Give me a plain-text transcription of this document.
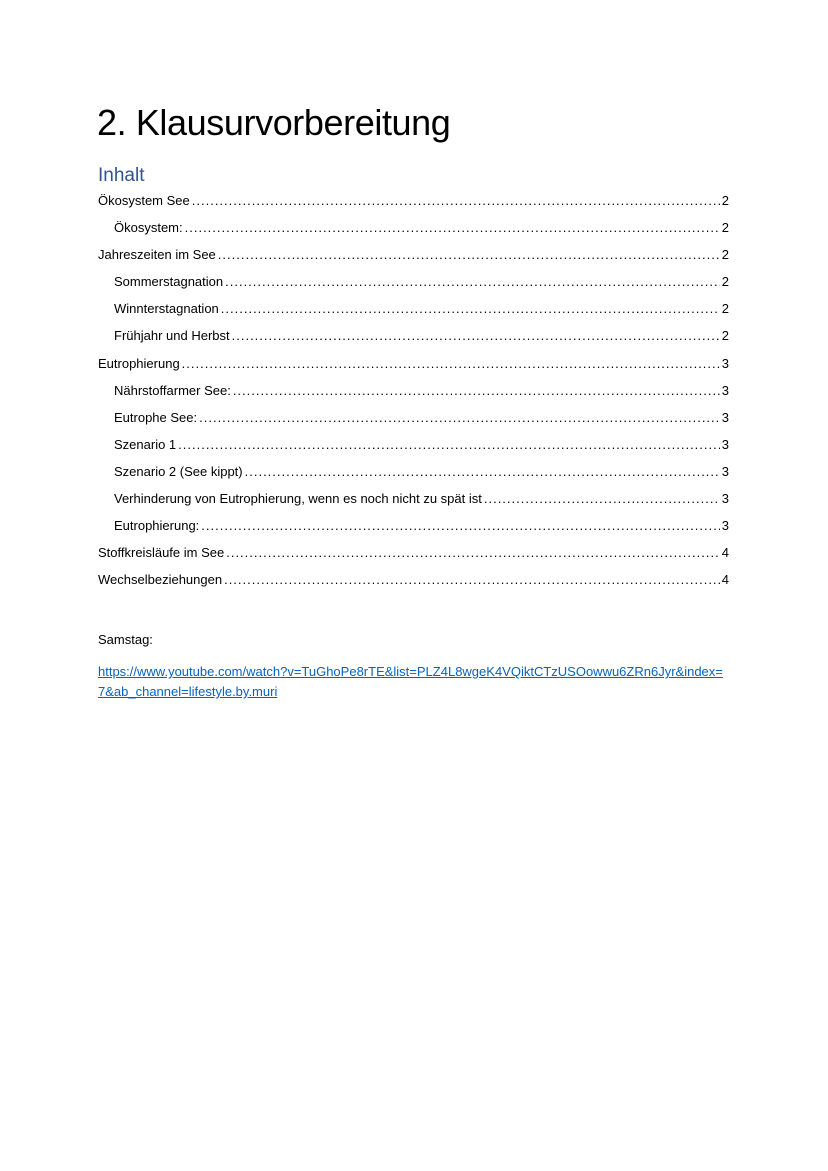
2. Klausurvorbereitung
Inhalt
Ökosystem See .....	2
Ökosystem: .....	2
Jahreszeiten im See .....	2
Sommerstagnation .....	2
Winnterstagnation .....	2
Frühjahr und Herbst .....	2
Eutrophierung .....	3
Nährstoffarmer See: .....	3
Eutrophe See: .....	3
Szenario 1 .....	3
Szenario 2 (See kippt) .....	3
Verhinderung von Eutrophierung, wenn es noch nicht zu spät ist .....	3
Eutrophierung: .....	3
Stoffkreisläufe im See .....	4
Wechselbeziehungen .....	4

Samstag:

https://www.youtube.com/watch?v=TuGhoPe8rTE&list=PLZ4L8wgeK4VQiktCTzUSOowwu6ZRn6Jyr&index=7&ab_channel=lifestyle.by.muri
